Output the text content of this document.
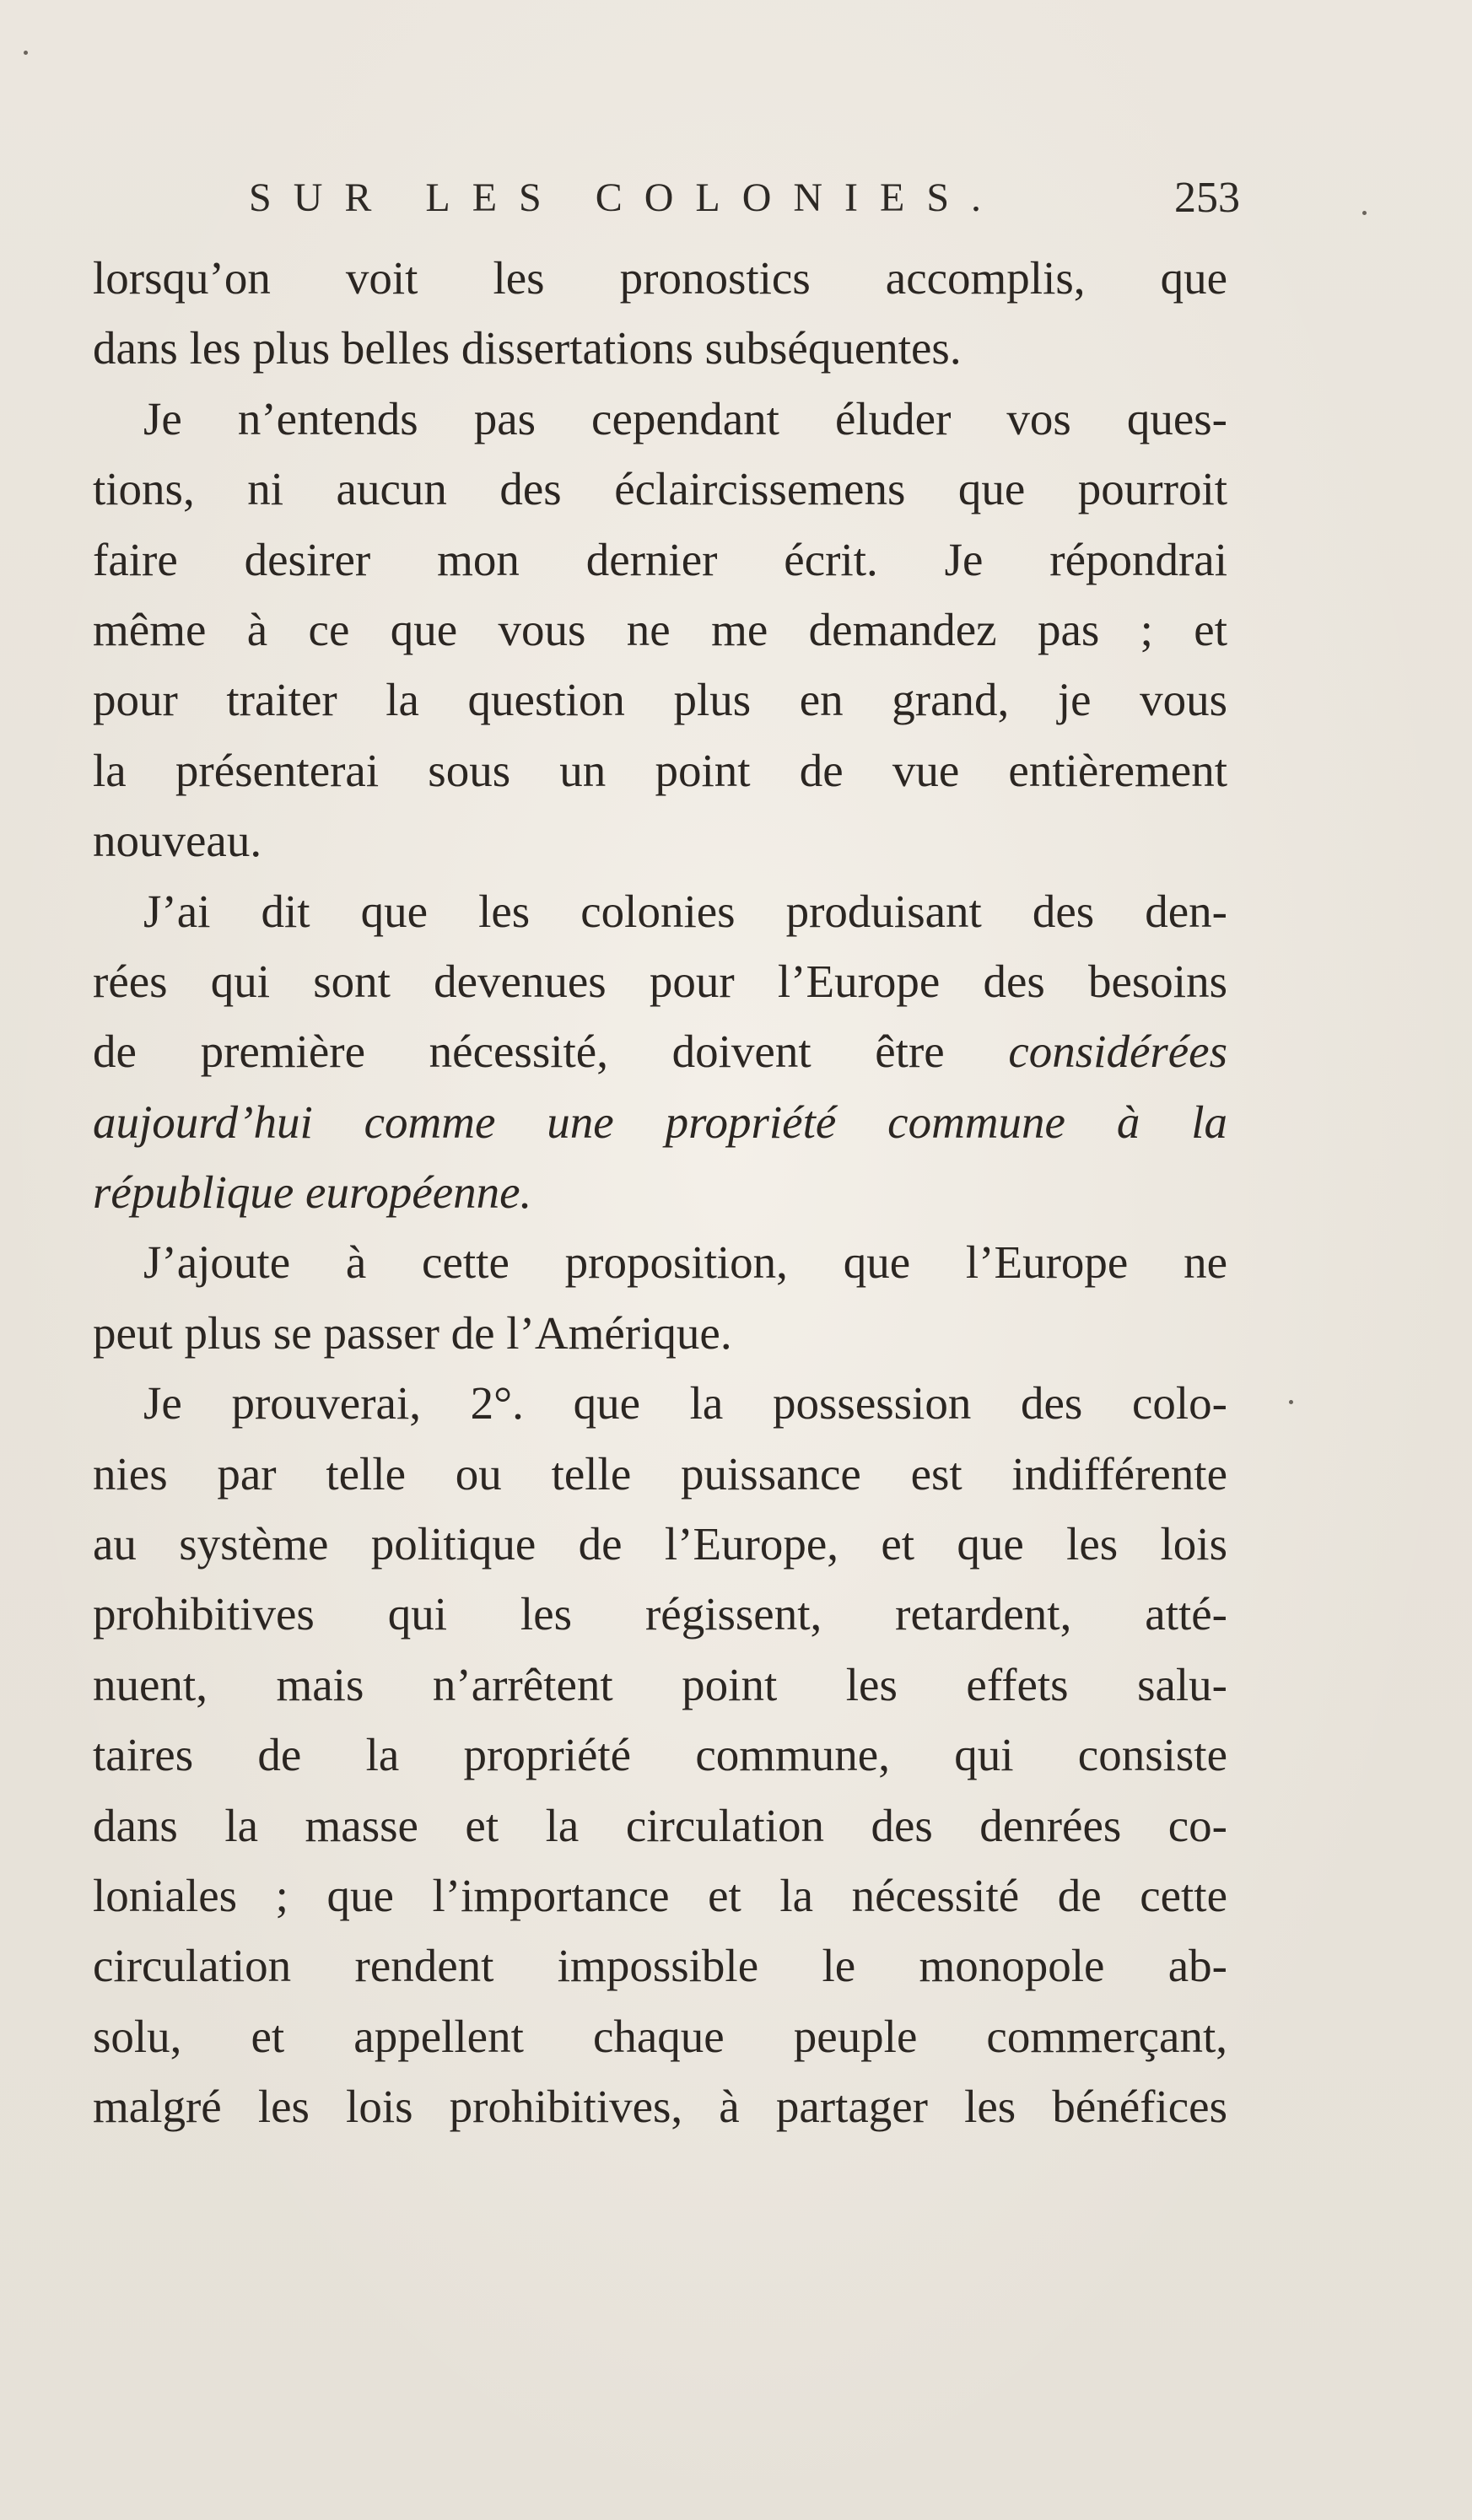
SUR LES COLONIES.	253

lorsqu’on voit les pronostics accomplis, que

dans les plus belles dissertations subséquentes.

Je n’entends pas cependant éluder vos ques-

tions, ni aucun des éclaircissemens que pourroit

faire desirer mon dernier écrit. Je répondrai

même à ce que vous ne me demandez pas ; et

pour traiter la question plus en grand, je vous

la présenterai sous un point de vue entièrement

nouveau.

J’ai dit que les colonies produisant des den-

rées qui sont devenues pour l’Europe des besoins

de première nécessité, doivent être considérées

aujourd’hui comme une propriété commune à la

république européenne.

J’ajoute à cette proposition, que l’Europe ne

peut plus se passer de l’Amérique.

Je prouverai, 2°. que la possession des colo-

nies par telle ou telle puissance est indifférente

au système politique de l’Europe, et que les lois

prohibitives qui les régissent, retardent, atté-

nuent, mais n’arrêtent point les effets salu-

taires de la propriété commune, qui consiste

dans la masse et la circulation des denrées co-

loniales ; que l’importance et la nécessité de cette

circulation rendent impossible le monopole ab-

solu, et appellent chaque peuple commerçant,

malgré les lois prohibitives, à partager les bénéfices
